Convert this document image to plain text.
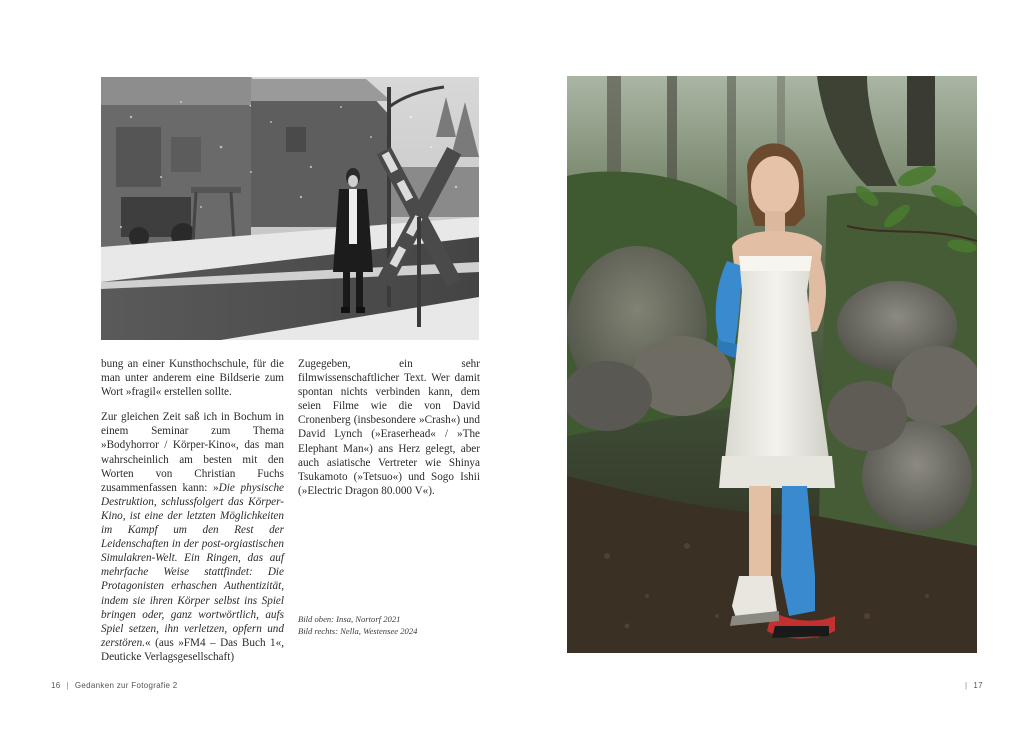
bung an einer Kunsthochschule, für die man unter anderem eine Bildserie zum Wort »fragil« erstellen sollte.

Zur gleichen Zeit saß ich in Bochum in einem Seminar zum Thema »Bodyhorror / Körper-Kino«, das man wahrscheinlich am besten mit den Worten von Christian Fuchs zusammenfassen kann: »Die physische Destruktion, schlussfolgert das Körper-Kino, ist eine der letzten Möglichkeiten im Kampf um den Rest der Leidenschaften in der post-orgiastischen Simulakren-Welt. Ein Ringen, das auf mehrfache Weise stattfindet: Die Protagonisten erhaschen Authentizität, indem sie ihren Körper selbst ins Spiel bringen oder, ganz wortwörtlich, aufs Spiel setzen, ihn verletzen, opfern und zerstören.« (aus »FM4 – Das Buch 1«, Deuticke Verlagsgesellschaft)

Zugegeben, ein sehr filmwissenschaftlicher Text. Wer damit spontan nichts verbinden kann, dem seien Filme wie die von David Cronenberg (insbesondere »Crash«) und David Lynch (»Eraserhead« / »The Elephant Man«) ans Herz gelegt, aber auch asiatische Vertreter wie Shinya Tsukamoto (»Tetsuo«) und Sogo Ishii (»Electric Dragon 80.000 V«).

Bild oben: Insa, Nortorf 2021
Bild rechts: Nella, Westensee 2024
16 | Gedanken zur Fotografie 2	| 17
